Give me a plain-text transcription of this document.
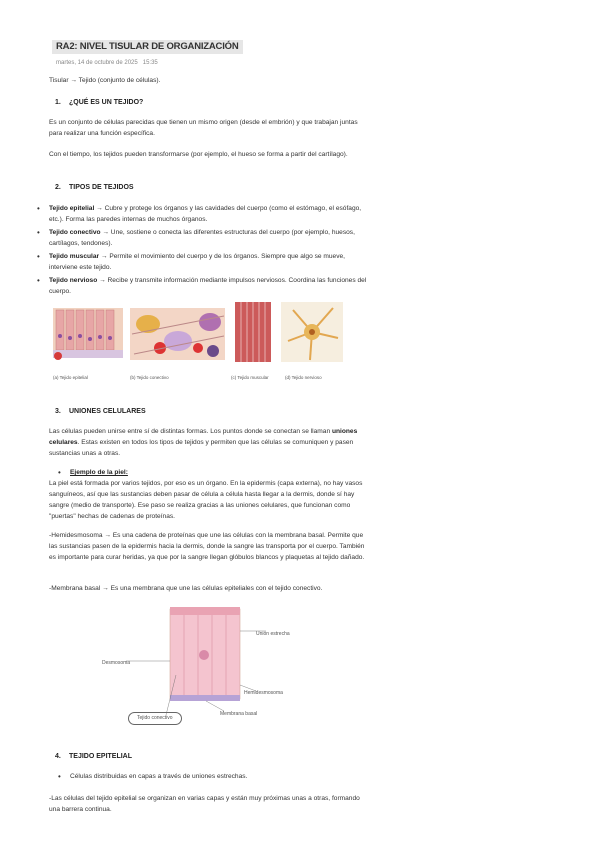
RA2: NIVEL TISULAR DE ORGANIZACIÓN
martes, 14 de octubre de 2025 15:35
Tisular → Tejido (conjunto de células).
1. ¿QUÉ ES UN TEJIDO?
Es un conjunto de células parecidas que tienen un mismo origen (desde el embrión) y que trabajan juntas para realizar una función específica.
Con el tiempo, los tejidos pueden transformarse (por ejemplo, el hueso se forma a partir del cartílago).
2. TIPOS DE TEJIDOS
•	Tejido epitelial → Cubre y protege los órganos y las cavidades del cuerpo (como el estómago, el esófago, etc.). Forma las paredes internas de muchos órganos.
•	Tejido conectivo → Une, sostiene o conecta las diferentes estructuras del cuerpo (por ejemplo, huesos, cartílagos, tendones).
•	Tejido muscular → Permite el movimiento del cuerpo y de los órganos. Siempre que algo se mueve, interviene este tejido.
•	Tejido nervioso → Recibe y transmite información mediante impulsos nerviosos. Coordina las funciones del cuerpo.
(a) Tejido epitelial	(b) Tejido conectivo	(c) Tejido muscular	(d) Tejido nervioso
3. UNIONES CELULARES
Las células pueden unirse entre sí de distintas formas. Los puntos donde se conectan se llaman uniones celulares. Estas existen en todos los tipos de tejidos y permiten que las células se comuniquen y pasen sustancias unas a otras.
•	Ejemplo de la piel:
La piel está formada por varios tejidos, por eso es un órgano. En la epidermis (capa externa), no hay vasos sanguíneos, así que las sustancias deben pasar de célula a célula hasta llegar a la dermis, donde sí hay sangre (medio de transporte). Ese paso se realiza gracias a las uniones celulares, que funcionan como "puertas" hechas de cadenas de proteínas.
-Hemidesmosoma → Es una cadena de proteínas que une las células con la membrana basal. Permite que las sustancias pasen de la epidermis hacia la dermis, donde la sangre las transporta por el cuerpo. También es importante para curar heridas, ya que por la sangre llegan glóbulos blancos y plaquetas al tejido dañado.
-Membrana basal → Es una membrana que une las células epiteliales con el tejido conectivo.
Unión estrecha
Desmosoma
Hemidesmosoma
Membrana basal
Tejido conectivo
4. TEJIDO EPITELIAL
•	Células distribuidas en capas a través de uniones estrechas.
-Las células del tejido epitelial se organizan en varias capas y están muy próximas unas a otras, formando una barrera continua.
